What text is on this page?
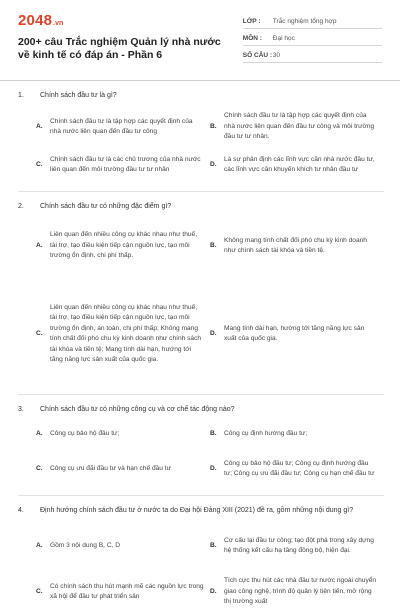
2048 .vn
200+ câu Trắc nghiệm Quản lý nhà nước về kinh tế có đáp án - Phần 6
LỚP :	Trắc nghiệm tổng hợp
MÔN :	Đại học
SỐ CÂU : 30
1.	Chính sách đầu tư là gì?
A.
Chính sách đầu tư là tập hợp các quyết định của nhà nước liên quan đến đầu tư công
B.
Chính sách đầu tư là tập hợp các quyết định của nhà nước liên quan đến đầu tư công và môi trường đầu tư tư nhân.
C.
Chính sách đầu tư là các chủ trương của nhà nước liên quan đến môi trường đầu tư tư nhân
D.
Là sự phân định các lĩnh vực cần nhà nước đầu tư, các lĩnh vực cần khuyến khích tư nhân đầu tư
2.	Chính sách đầu tư có những đặc điểm gì?
A.
Liên quan đến nhiều công cụ khác nhau như thuế, tài trợ, tạo điều kiện tiếp cận nguồn lực, tạo môi trường ổn định, chi phí thấp.
B.
Không mang tính chất đối phó chu kỳ kinh doanh như chính sách tài khóa và tiền tệ.
C.
Liên quan đến nhiều công cụ khác nhau như thuế, tài trợ, tạo điều kiện tiếp cận nguồn lực, tạo môi trường ổn định, an toàn, chi phí thấp; Không mang tính chất đối phó chu kỳ kinh doanh như chính sách tài khóa và tiền tệ; Mang tính dài hạn, hướng tới tăng năng lực sản xuất của quốc gia.
D.
Mang tính dài hạn, hướng tới tăng năng lực sản xuất của quốc gia.
3.	Chính sách đầu tư có những công cụ và cơ chế tác động nào?
A.	Công cụ bảo hộ đầu tư;	B.	Công cụ định hướng đầu tư;
C.	Công cụ ưu đãi đầu tư và hạn chế đầu tư	D.
Công cụ bảo hộ đầu tư; Công cụ định hướng đầu tư; Công cụ ưu đãi đầu tư; Công cụ hạn chế đầu tư
4.	Định hướng chính sách đầu tư ở nước ta do Đại hội Đảng XIII (2021) đề ra, gồm những nội dung gì?
A.	Gồm 3 nội dung B, C, D	B.
Cơ cấu lại đầu tư công; tạo đột phá trong xây dựng hệ thống kết cấu hạ tầng đồng bộ, hiện đại.
C.
Có chính sách thu hút mạnh mẽ các nguồn lực trong xã hội để đầu tư phát triển sản
D.
Tích cực thu hút các nhà đầu tư nước ngoài chuyển giao công nghệ, trình độ quản lý tiên tiến, mở rộng thị trường xuất
